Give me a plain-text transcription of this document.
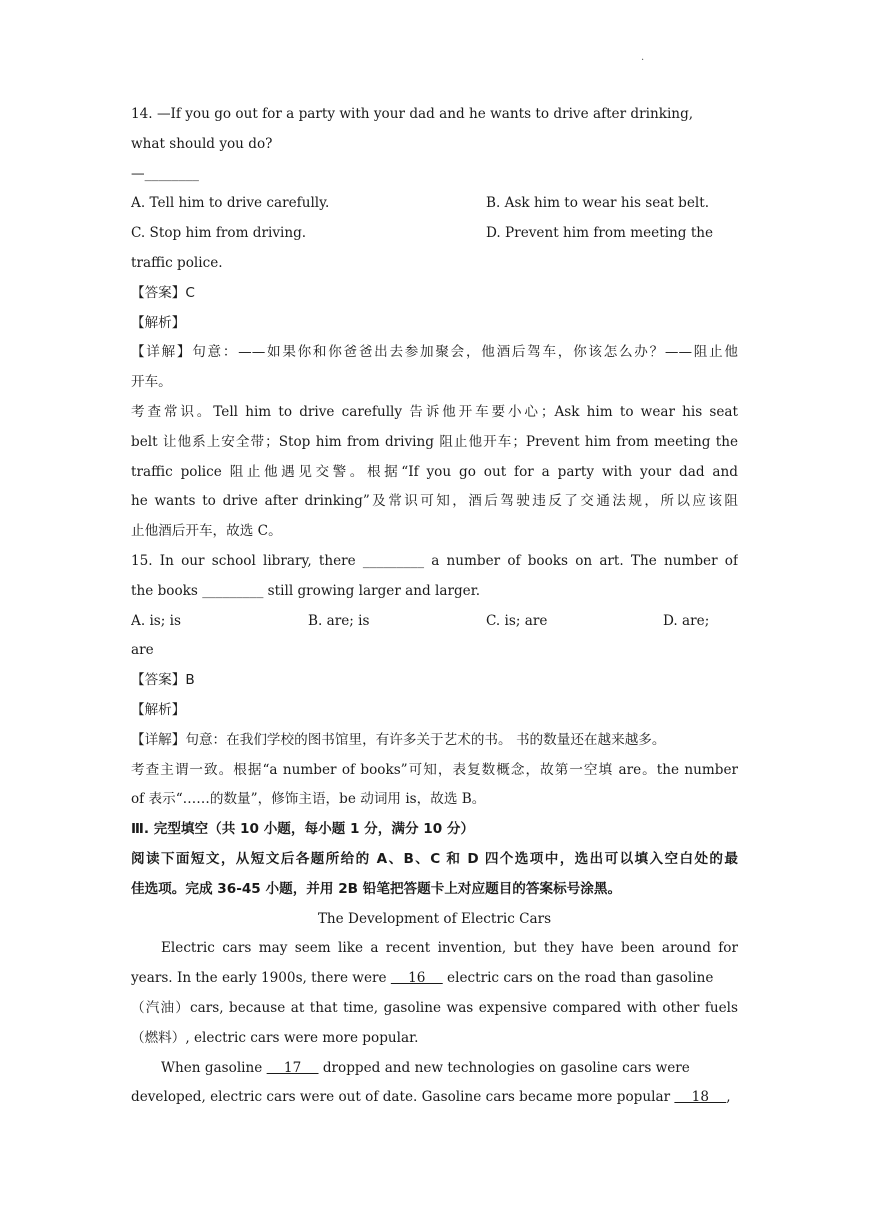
.
14. —If you go out for a party with your dad and he wants to drive after drinking,
what should you do?
—________
A. Tell him to drive carefully.	B. Ask him to wear his seat belt.
C. Stop him from driving.	D. Prevent him from meeting the
traffic police.
【答案】C
【解析】
【详解】句意：——如果你和你爸爸出去参加聚会，他酒后驾车，你该怎么办？——阻止他
开车。
考查常识。Tell him to drive carefully 告诉他开车要小心；Ask him to wear his seat
belt 让他系上安全带；Stop him from driving 阻止他开车；Prevent him from meeting the
traffic police 阻止他遇见交警。根据“If you go out for a party with your dad and
he wants to drive after drinking”及常识可知，酒后驾驶违反了交通法规，所以应该阻
止他酒后开车，故选 C。
15. In our school library, there _________ a number of books on art. The number of
the books _________ still growing larger and larger.
A. is; is	B. are; is	C. is; are	D. are;
are
【答案】B
【解析】
【详解】句意：在我们学校的图书馆里，有许多关于艺术的书。 书的数量还在越来越多。
考查主谓一致。根据“a number of books”可知，表复数概念，故第一空填 are。the number
of 表示“……的数量”，修饰主语，be 动词用 is，故选 B。
Ⅲ. 完型填空（共 10 小题，每小题 1 分，满分 10 分）
阅读下面短文，从短文后各题所给的 A、B、C 和 D 四个选项中，选出可以填入空白处的最
佳选项。完成 36-45 小题，并用 2B 铅笔把答题卡上对应题目的答案标号涂黑。
The Development of Electric Cars
Electric cars may seem like a recent invention, but they have been around for
years. In the early 1900s, there were     16     electric cars on the road than gasoline
（汽油）cars, because at that time, gasoline was expensive compared with other fuels
（燃料）, electric cars were more popular.
When gasoline     17     dropped and new technologies on gasoline cars were
developed, electric cars were out of date. Gasoline cars became more popular     18    ,
